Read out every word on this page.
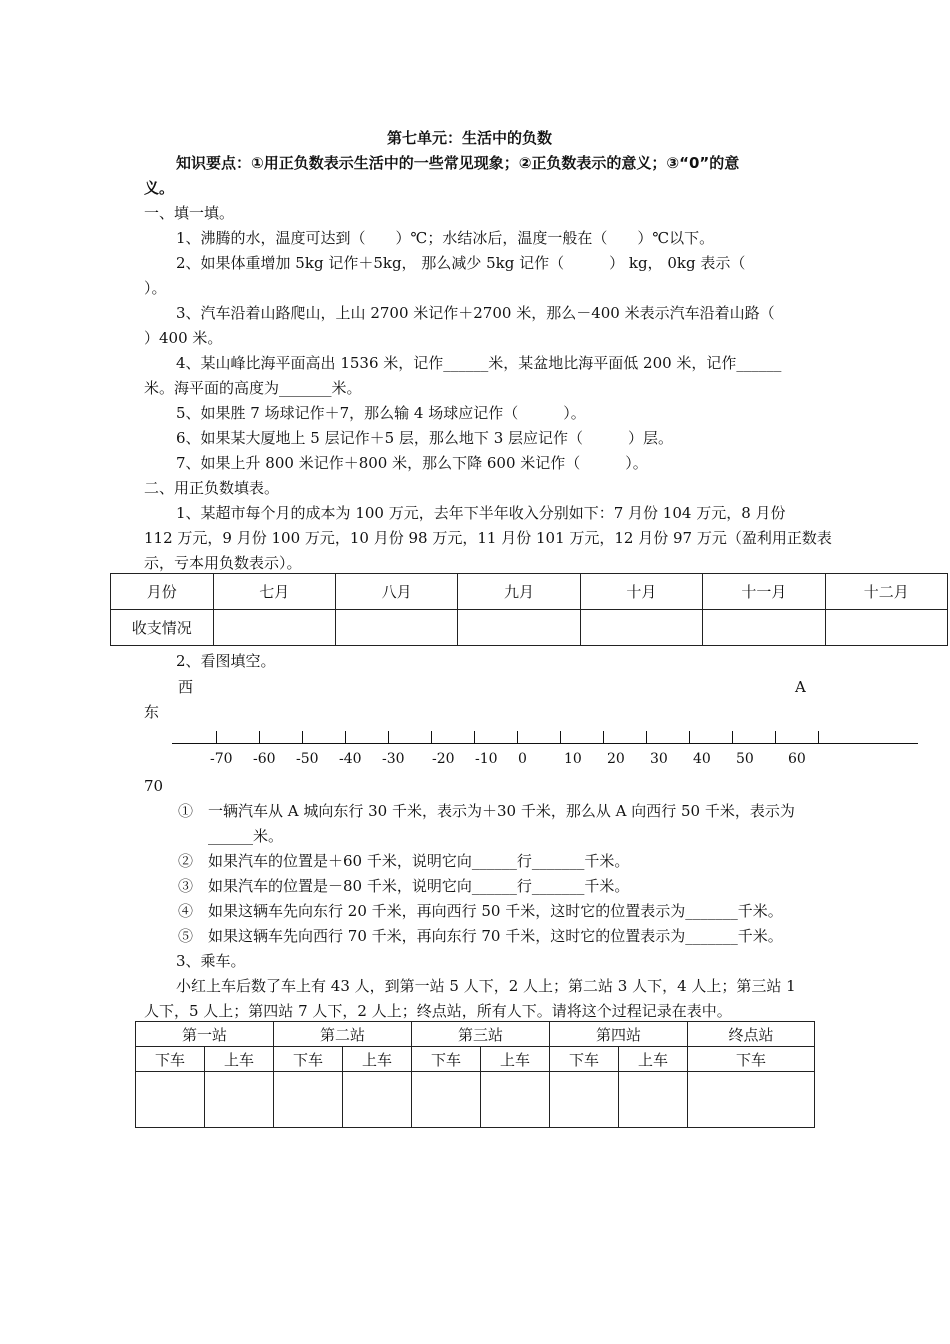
第七单元：生活中的负数
知识要点：①用正负数表示生活中的一些常见现象；②正负数表示的意义；③“0”的意
义。
一、填一填。
1、沸腾的水，温度可达到（　　）℃；水结冰后，温度一般在（　　）℃以下。
2、如果体重增加 5kg 记作＋5kg， 那么减少 5kg 记作（　　　） kg， 0kg 表示（
）。
3、汽车沿着山路爬山，上山 2700 米记作＋2700 米，那么－400 米表示汽车沿着山路（
）400 米。
4、某山峰比海平面高出 1536 米，记作______米，某盆地比海平面低 200 米，记作______
米。海平面的高度为_______米。
5、如果胜 7 场球记作＋7，那么输 4 场球应记作（　　　）。
6、如果某大厦地上 5 层记作＋5 层，那么地下 3 层应记作（　　　）层。
7、如果上升 800 米记作＋800 米，那么下降 600 米记作（　　　）。
二、用正负数填表。
1、某超市每个月的成本为 100 万元，去年下半年收入分别如下：7 月份 104 万元，8 月份
112 万元，9 月份 100 万元，10 月份 98 万元，11 月份 101 万元，12 月份 97 万元（盈利用正数表
示，亏本用负数表示）。
月份	七月	八月	九月	十月	十一月	十二月
收支情况						
2、看图填空。
西	A
东
-70 -60 -50 -40 -30 -20 -10 0	10 20 30 40 50 60
70
①　一辆汽车从 A 城向东行 30 千米，表示为＋30 千米，那么从 A 向西行 50 千米，表示为
______米。
②　如果汽车的位置是＋60 千米，说明它向______行_______千米。
③　如果汽车的位置是－80 千米，说明它向______行_______千米。
④　如果这辆车先向东行 20 千米，再向西行 50 千米，这时它的位置表示为_______千米。
⑤　如果这辆车先向西行 70 千米，再向东行 70 千米，这时它的位置表示为_______千米。
3、乘车。
小红上车后数了车上有 43 人，到第一站 5 人下，2 人上；第二站 3 人下，4 人上；第三站 1
人下，5 人上；第四站 7 人下，2 人上；终点站，所有人下。请将这个过程记录在表中。
第一站		第二站		第三站		第四站		终点站
下车	上车	下车	上车	下车	上车	下车	上车	下车
